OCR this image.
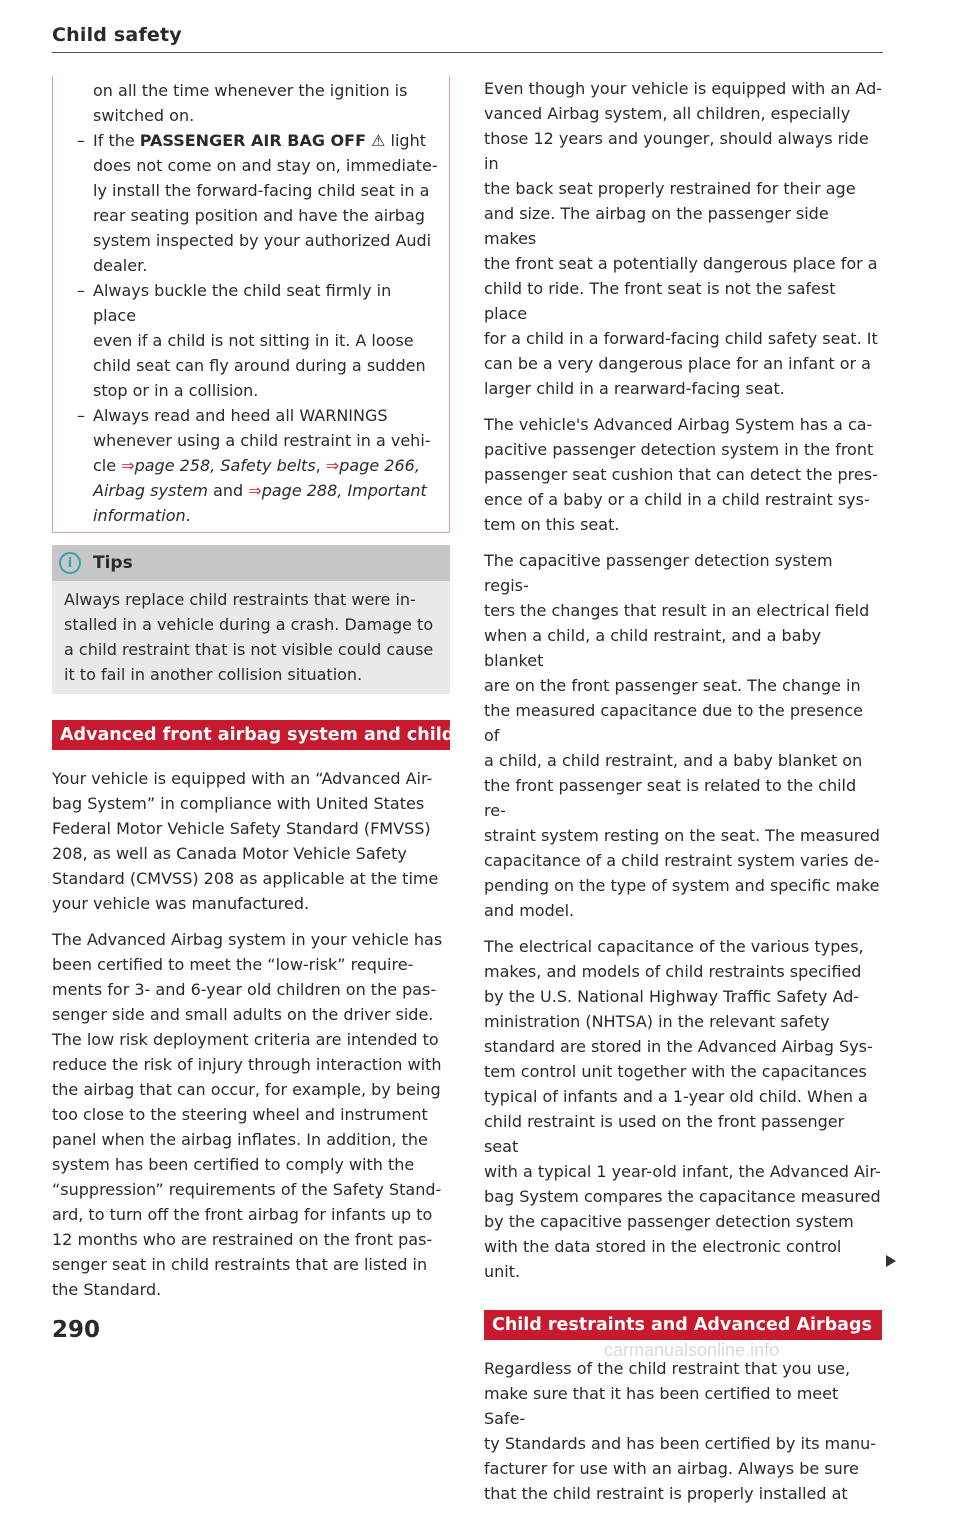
Child safety
on all the time whenever the ignition is
switched on.
– If the PASSENGER AIR BAG OFF ⚠ light
does not come on and stay on, immediate-
ly install the forward-facing child seat in a
rear seating position and have the airbag
system inspected by your authorized Audi
dealer.
– Always buckle the child seat firmly in place
even if a child is not sitting in it. A loose
child seat can fly around during a sudden
stop or in a collision.
– Always read and heed all WARNINGS
whenever using a child restraint in a vehi-
cle ⇒page 258, Safety belts, ⇒page 266,
Airbag system and ⇒page 288, Important
information.
i	Tips
Always replace child restraints that were in-
stalled in a vehicle during a crash. Damage to
a child restraint that is not visible could cause
it to fail in another collision situation.
Advanced front airbag system and children

Your vehicle is equipped with an “Advanced Air-
bag System” in compliance with United States
Federal Motor Vehicle Safety Standard (FMVSS)
208, as well as Canada Motor Vehicle Safety
Standard (CMVSS) 208 as applicable at the time
your vehicle was manufactured.

The Advanced Airbag system in your vehicle has
been certified to meet the “low-risk” require-
ments for 3- and 6-year old children on the pas-
senger side and small adults on the driver side.
The low risk deployment criteria are intended to
reduce the risk of injury through interaction with
the airbag that can occur, for example, by being
too close to the steering wheel and instrument
panel when the airbag inflates. In addition, the
system has been certified to comply with the
“suppression” requirements of the Safety Stand-
ard, to turn off the front airbag for infants up to
12 months who are restrained on the front pas-
senger seat in child restraints that are listed in
the Standard.

Even though your vehicle is equipped with an Ad-
vanced Airbag system, all children, especially
those 12 years and younger, should always ride in
the back seat properly restrained for their age
and size. The airbag on the passenger side makes
the front seat a potentially dangerous place for a
child to ride. The front seat is not the safest place
for a child in a forward-facing child safety seat. It
can be a very dangerous place for an infant or a
larger child in a rearward-facing seat.

The vehicle's Advanced Airbag System has a ca-
pacitive passenger detection system in the front
passenger seat cushion that can detect the pres-
ence of a baby or a child in a child restraint sys-
tem on this seat.

The capacitive passenger detection system regis-
ters the changes that result in an electrical field
when a child, a child restraint, and a baby blanket
are on the front passenger seat. The change in
the measured capacitance due to the presence of
a child, a child restraint, and a baby blanket on
the front passenger seat is related to the child re-
straint system resting on the seat. The measured
capacitance of a child restraint system varies de-
pending on the type of system and specific make
and model.

The electrical capacitance of the various types,
makes, and models of child restraints specified
by the U.S. National Highway Traffic Safety Ad-
ministration (NHTSA) in the relevant safety
standard are stored in the Advanced Airbag Sys-
tem control unit together with the capacitances
typical of infants and a 1-year old child. When a
child restraint is used on the front passenger seat
with a typical 1 year-old infant, the Advanced Air-
bag System compares the capacitance measured
by the capacitive passenger detection system
with the data stored in the electronic control
unit.

Child restraints and Advanced Airbags

Regardless of the child restraint that you use,
make sure that it has been certified to meet Safe-
ty Standards and has been certified by its manu-
facturer for use with an airbag. Always be sure
that the child restraint is properly installed at

290
carmanualsonline.info
